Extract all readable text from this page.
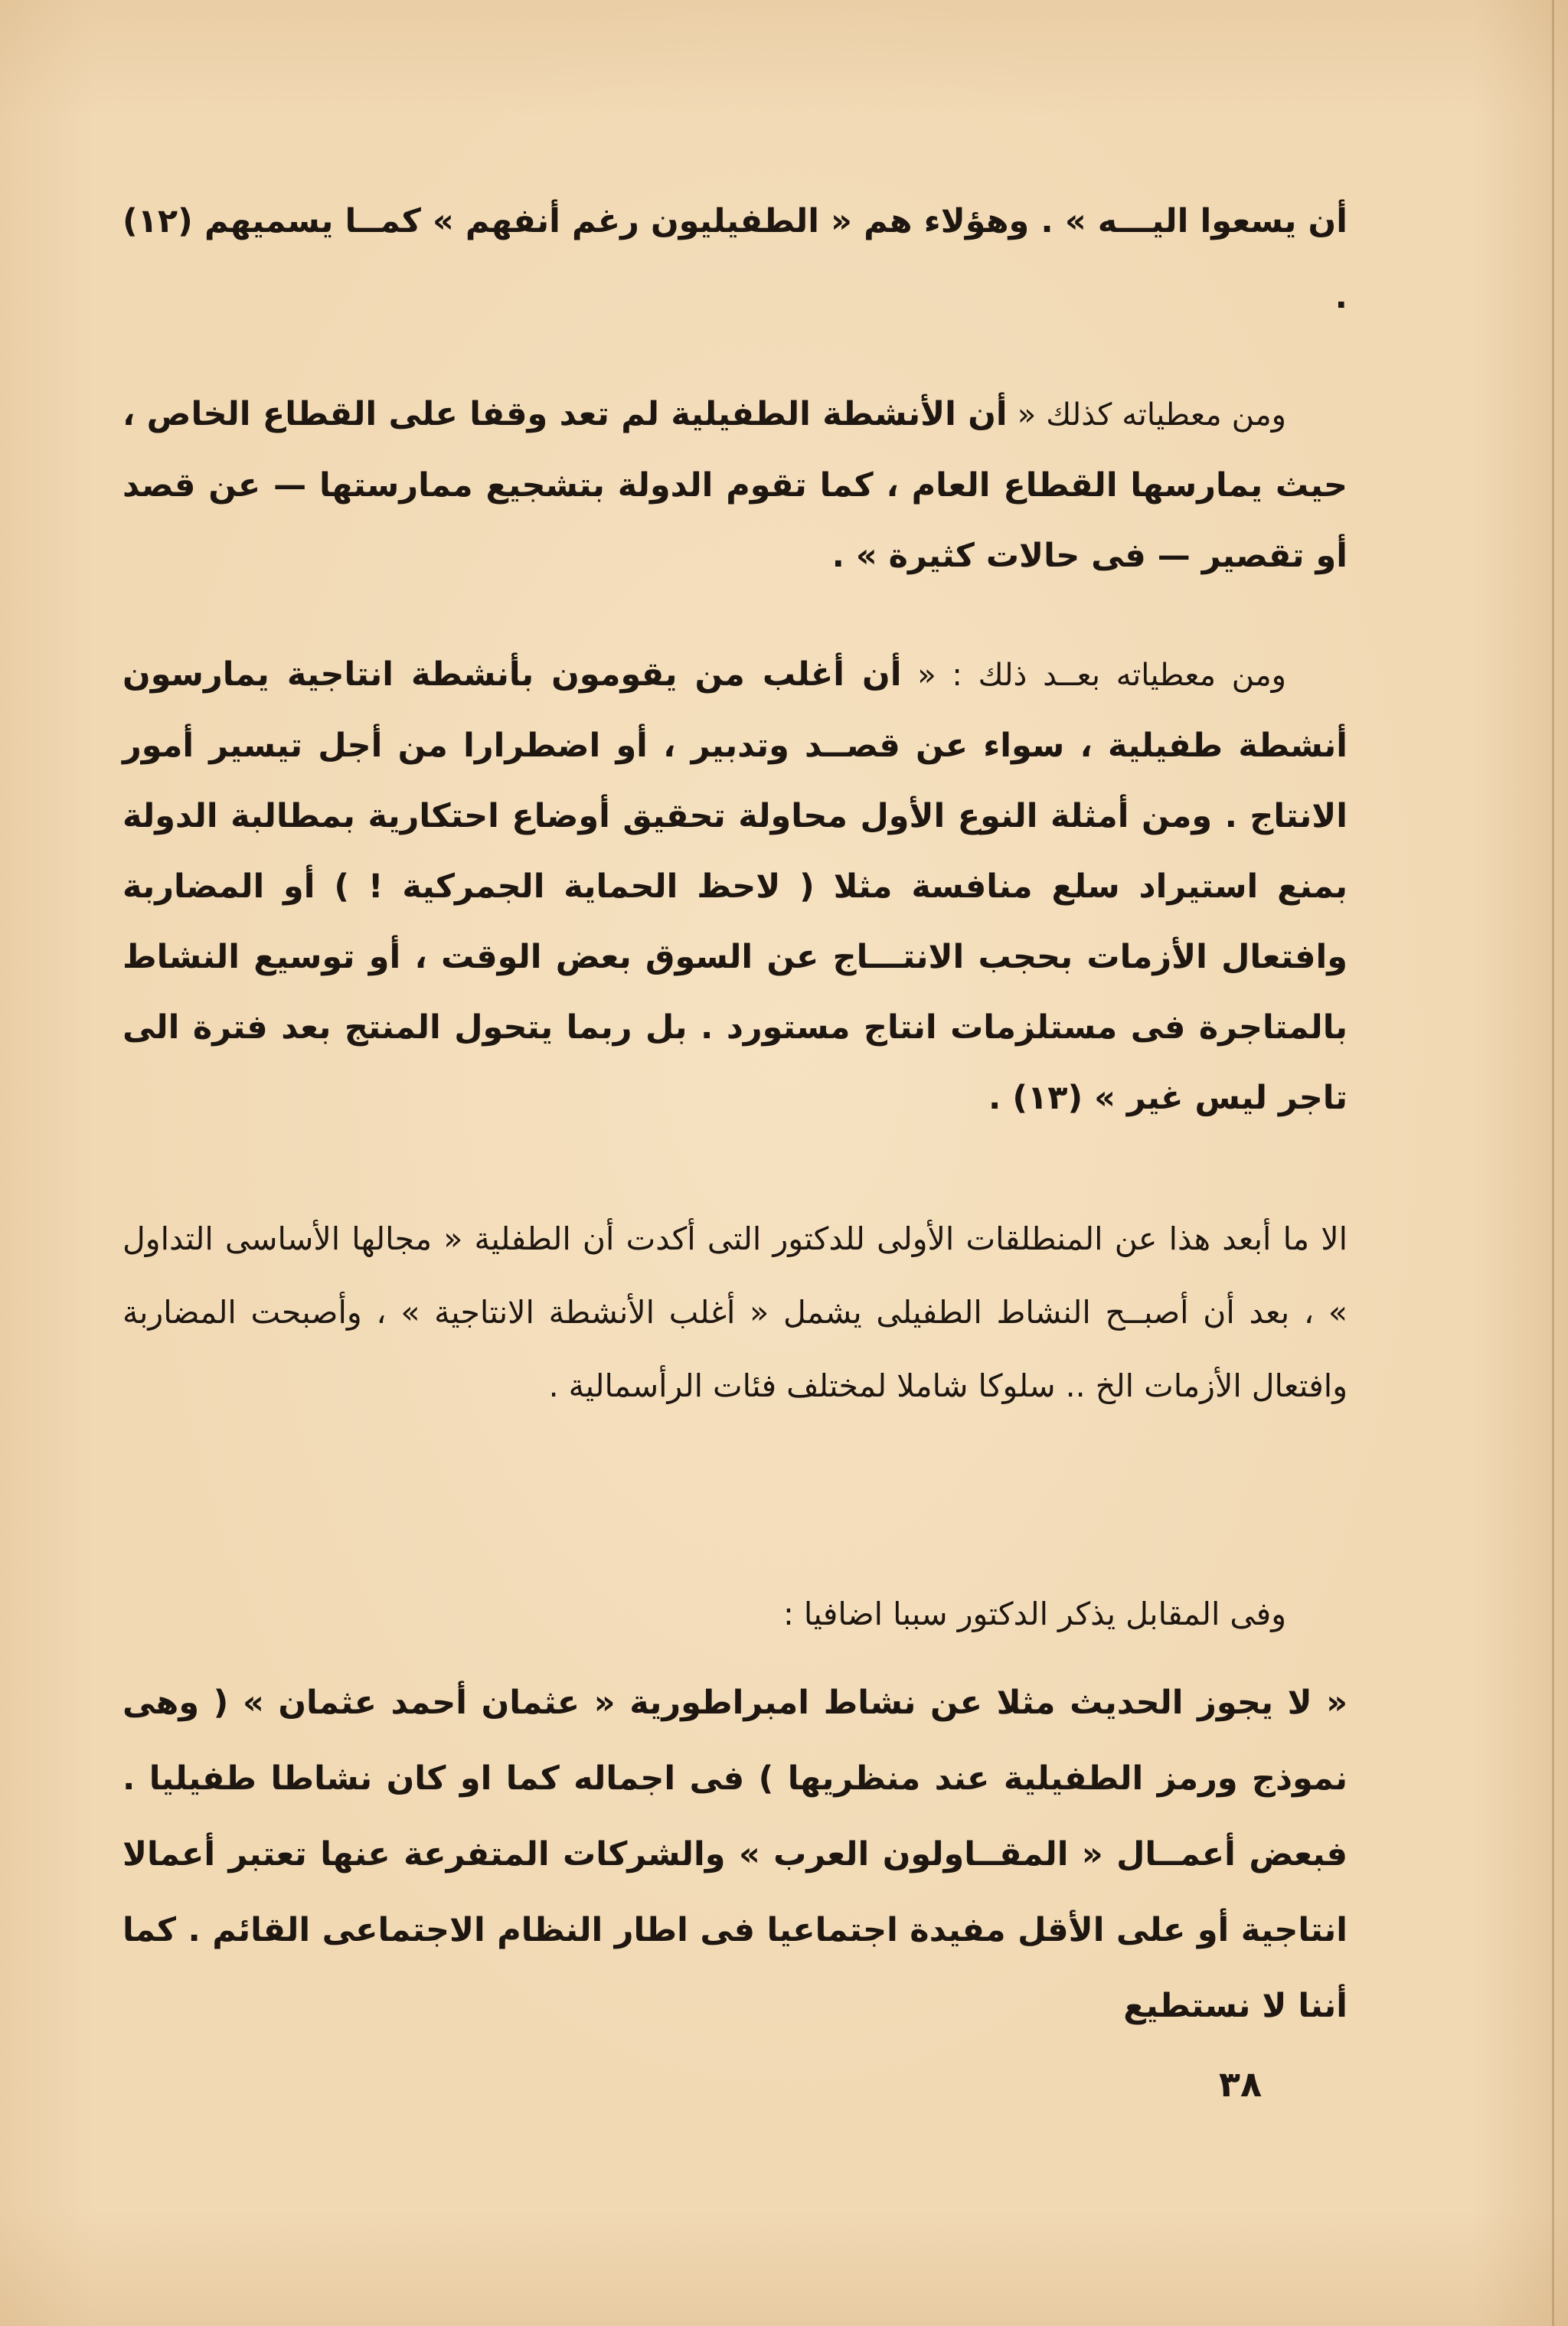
أن يسعوا اليـــه » . وهؤلاء هم « الطفيليون رغم أنفهم » كمــا يسميهم (١٢) .

ومن معطياته كذلك « أن الأنشطة الطفيلية لم تعد وقفا على القطاع الخاص ، حيث يمارسها القطاع العام ، كما تقوم الدولة بتشجيع ممارستها — عن قصد أو تقصير — فى حالات كثيرة » .

ومن معطياته بعــد ذلك : « أن أغلب من يقومون بأنشطة انتاجية يمارسون أنشطة طفيلية ، سواء عن قصــد وتدبير ، أو اضطرارا من أجل تيسير أمور الانتاج . ومن أمثلة النوع الأول محاولة تحقيق أوضاع احتكارية بمطالبة الدولة بمنع استيراد سلع منافسة مثلا ( لاحظ الحماية الجمركية ! ) أو المضاربة وافتعال الأزمات بحجب الانتـــاج عن السوق بعض الوقت ، أو توسيع النشاط بالمتاجرة فى مستلزمات انتاج مستورد . بل ربما يتحول المنتج بعد فترة الى تاجر ليس غير » (١٣) .

الا ما أبعد هذا عن المنطلقات الأولى للدكتور التى أكدت أن الطفلية « مجالها الأساسى التداول » ، بعد أن أصبــح النشاط الطفيلى يشمل « أغلب الأنشطة الانتاجية » ، وأصبحت المضاربة وافتعال الأزمات الخ .. سلوكا شاملا لمختلف فئات الرأسمالية .

وفى المقابل يذكر الدكتور سببا اضافيا :

« لا يجوز الحديث مثلا عن نشاط امبراطورية « عثمان أحمد عثمان » ( وهى نموذج ورمز الطفيلية عند منظريها ) فى اجماله كما او كان نشاطا طفيليا . فبعض أعمــال « المقــاولون العرب » والشركات المتفرعة عنها تعتبر أعمالا انتاجية أو على الأقل مفيدة اجتماعيا فى اطار النظام الاجتماعى القائم . كما أننا لا نستطيع

٣٨
